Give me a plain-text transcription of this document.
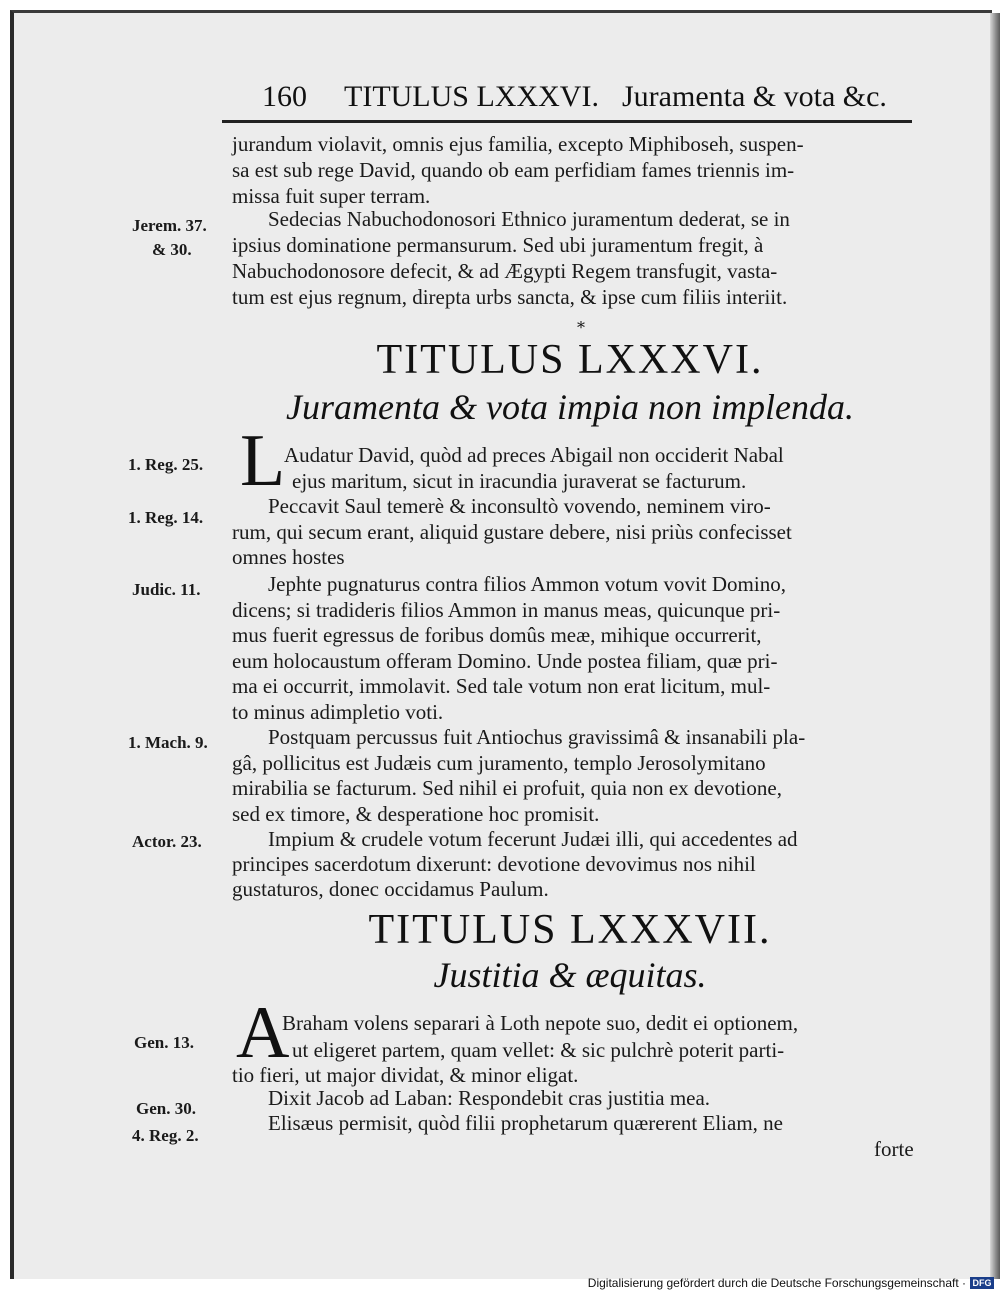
160 TITULUS LXXXVI. Juramenta & vota &c.
jurandum violavit, omnis ejus familia, excepto Miphiboseh, suspen-
sa est sub rege David, quando ob eam perfidiam fames triennis im-
missa fuit super terram.
Sedecias Nabuchodonosori Ethnico juramentum dederat, se in
ipsius dominatione permansurum. Sed ubi juramentum fregit, à
Nabuchodonosore defecit, & ad Ægypti Regem transfugit, vasta-
tum est ejus regnum, direpta urbs sancta, & ipse cum filiis interiit.
Jerem. 37.
& 30.
*
TITULUS LXXXVI.
Juramenta & vota impia non implenda.
L
Audatur David, quòd ad preces Abigail non occiderit Nabal
ejus maritum, sicut in iracundia juraverat se facturum.
Peccavit Saul temerè & inconsultò vovendo, neminem viro-
rum, qui secum erant, aliquid gustare debere, nisi priùs confecisset
omnes hostes
Jephte pugnaturus contra filios Ammon votum vovit Domino,
dicens; si tradideris filios Ammon in manus meas, quicunque pri-
mus fuerit egressus de foribus domûs meæ, mihique occurrerit,
eum holocaustum offeram Domino. Unde postea filiam, quæ pri-
ma ei occurrit, immolavit. Sed tale votum non erat licitum, mul-
to minus adimpletio voti.
Postquam percussus fuit Antiochus gravissimâ & insanabili pla-
gâ, pollicitus est Judæis cum juramento, templo Jerosolymitano
mirabilia se facturum. Sed nihil ei profuit, quia non ex devotione,
sed ex timore, & desperatione hoc promisit.
Impium & crudele votum fecerunt Judæi illi, qui accedentes ad
principes sacerdotum dixerunt: devotione devovimus nos nihil
gustaturos, donec occidamus Paulum.
1. Reg. 25.
1. Reg. 14.
Judic. 11.
1. Mach. 9.
Actor. 23.
TITULUS LXXXVII.
Justitia & æquitas.
A
Braham volens separari à Loth nepote suo, dedit ei optionem,
ut eligeret partem, quam vellet: & sic pulchrè poterit parti-
tio fieri, ut major dividat, & minor eligat.
Dixit Jacob ad Laban: Respondebit cras justitia mea.
Elisæus permisit, quòd filii prophetarum quærerent Eliam, ne
forte
Gen. 13.
Gen. 30.
4. Reg. 2.
Digitalisierung gefördert durch die Deutsche Forschungsgemeinschaft · DFG
